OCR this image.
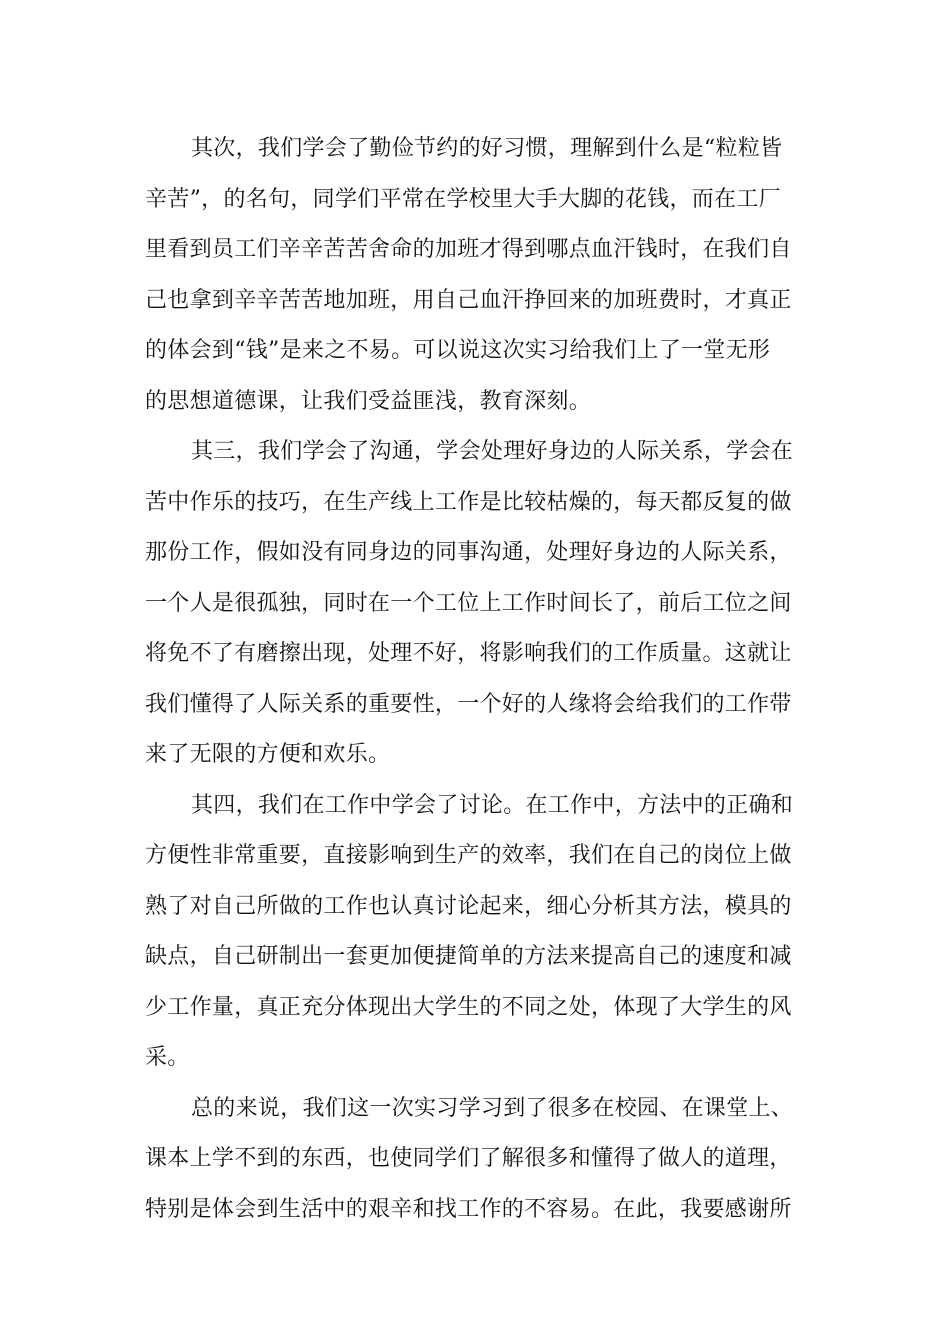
其次，我们学会了勤俭节约的好习惯，理解到什么是“粒粒皆
辛苦”，的名句，同学们平常在学校里大手大脚的花钱，而在工厂
里看到员工们辛辛苦苦舍命的加班才得到哪点血汗钱时，在我们自
己也拿到辛辛苦苦地加班，用自己血汗挣回来的加班费时，才真正
的体会到“钱”是来之不易。可以说这次实习给我们上了一堂无形
的思想道德课，让我们受益匪浅，教育深刻。

其三，我们学会了沟通，学会处理好身边的人际关系，学会在
苦中作乐的技巧，在生产线上工作是比较枯燥的，每天都反复的做
那份工作，假如没有同身边的同事沟通，处理好身边的人际关系，
一个人是很孤独，同时在一个工位上工作时间长了，前后工位之间
将免不了有磨擦出现，处理不好，将影响我们的工作质量。这就让
我们懂得了人际关系的重要性，一个好的人缘将会给我们的工作带
来了无限的方便和欢乐。

其四，我们在工作中学会了讨论。在工作中，方法中的正确和
方便性非常重要，直接影响到生产的效率，我们在自己的岗位上做
熟了对自己所做的工作也认真讨论起来，细心分析其方法，模具的
缺点，自己研制出一套更加便捷简单的方法来提高自己的速度和减
少工作量，真正充分体现出大学生的不同之处，体现了大学生的风
采。

总的来说，我们这一次实习学习到了很多在校园、在课堂上、
课本上学不到的东西，也使同学们了解很多和懂得了做人的道理，
特别是体会到生活中的艰辛和找工作的不容易。在此，我要感谢所
